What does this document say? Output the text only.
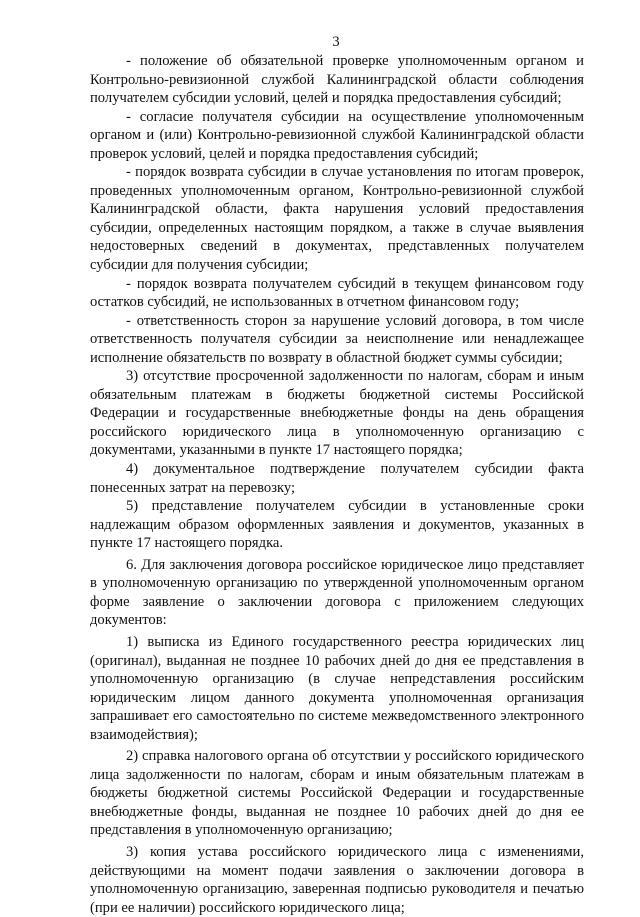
3

- положение об обязательной проверке уполномоченным органом и Контрольно-ревизионной службой Калининградской области соблюдения получателем субсидии условий, целей и порядка предоставления субсидий;

- согласие получателя субсидии на осуществление уполномоченным органом и (или) Контрольно-ревизионной службой Калининградской области проверок условий, целей и порядка предоставления субсидий;

- порядок возврата субсидии в случае установления по итогам проверок, проведенных уполномоченным органом, Контрольно-ревизионной службой Калининградской области, факта нарушения условий предоставления субсидии, определенных настоящим порядком, а также в случае выявления недостоверных сведений в документах, представленных получателем субсидии для получения субсидии;

- порядок возврата получателем субсидий в текущем финансовом году остатков субсидий, не использованных в отчетном финансовом году;

- ответственность сторон за нарушение условий договора, в том числе ответственность получателя субсидии за неисполнение или ненадлежащее исполнение обязательств по возврату в областной бюджет суммы субсидии;

3) отсутствие просроченной задолженности по налогам, сборам и иным обязательным платежам в бюджеты бюджетной системы Российской Федерации и государственные внебюджетные фонды на день обращения российского юридического лица в уполномоченную организацию с документами, указанными в пункте 17 настоящего порядка;

4) документальное подтверждение получателем субсидии факта понесенных затрат на перевозку;

5) представление получателем субсидии в установленные сроки надлежащим образом оформленных заявления и документов, указанных в пункте 17 настоящего порядка.

6. Для заключения договора российское юридическое лицо представляет в уполномоченную организацию по утвержденной уполномоченным органом форме заявление о заключении договора с приложением следующих документов:

1) выписка из Единого государственного реестра юридических лиц (оригинал), выданная не позднее 10 рабочих дней до дня ее представления в уполномоченную организацию (в случае непредставления российским юридическим лицом данного документа уполномоченная организация запрашивает его самостоятельно по системе межведомственного электронного взаимодействия);

2) справка налогового органа об отсутствии у российского юридического лица задолженности по налогам, сборам и иным обязательным платежам в бюджеты бюджетной системы Российской Федерации и государственные внебюджетные фонды, выданная не позднее 10 рабочих дней до дня ее представления в уполномоченную организацию;

3) копия устава российского юридического лица с изменениями, действующими на момент подачи заявления о заключении договора в уполномоченную организацию, заверенная подписью руководителя и печатью (при ее наличии) российского юридического лица;
